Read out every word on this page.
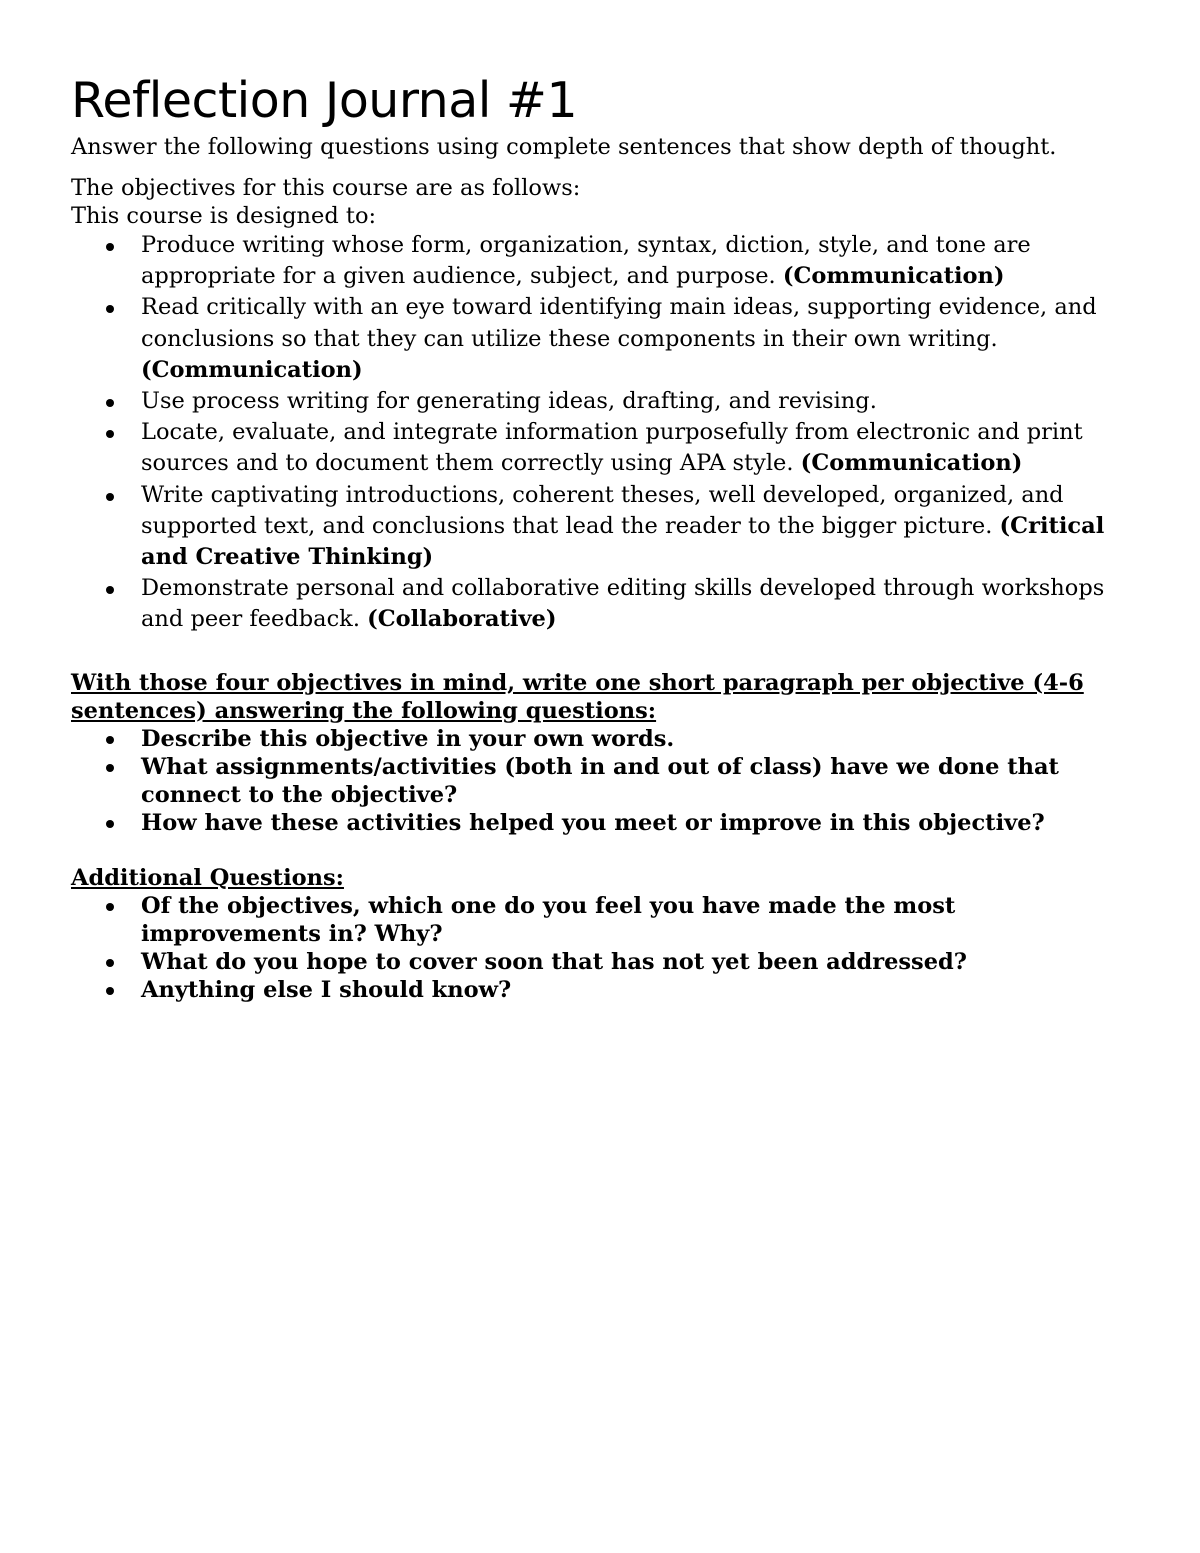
Reflection Journal #1

Answer the following questions using complete sentences that show depth of thought.

The objectives for this course are as follows:

This course is designed to:

Produce writing whose form, organization, syntax, diction, style, and tone are appropriate for a given audience, subject, and purpose. (Communication)
Read critically with an eye toward identifying main ideas, supporting evidence, and conclusions so that they can utilize these components in their own writing. (Communication)
Use process writing for generating ideas, drafting, and revising.
Locate, evaluate, and integrate information purposefully from electronic and print sources and to document them correctly using APA style. (Communication)
Write captivating introductions, coherent theses, well developed, organized, and supported text, and conclusions that lead the reader to the bigger picture. (Critical and Creative Thinking)
Demonstrate personal and collaborative editing skills developed through workshops and peer feedback. (Collaborative)

With those four objectives in mind, write one short paragraph per objective (4-6 sentences) answering the following questions:

Describe this objective in your own words.
What assignments/activities (both in and out of class) have we done that connect to the objective?
How have these activities helped you meet or improve in this objective?

Additional Questions:

Of the objectives, which one do you feel you have made the most improvements in? Why?
What do you hope to cover soon that has not yet been addressed?
Anything else I should know?
